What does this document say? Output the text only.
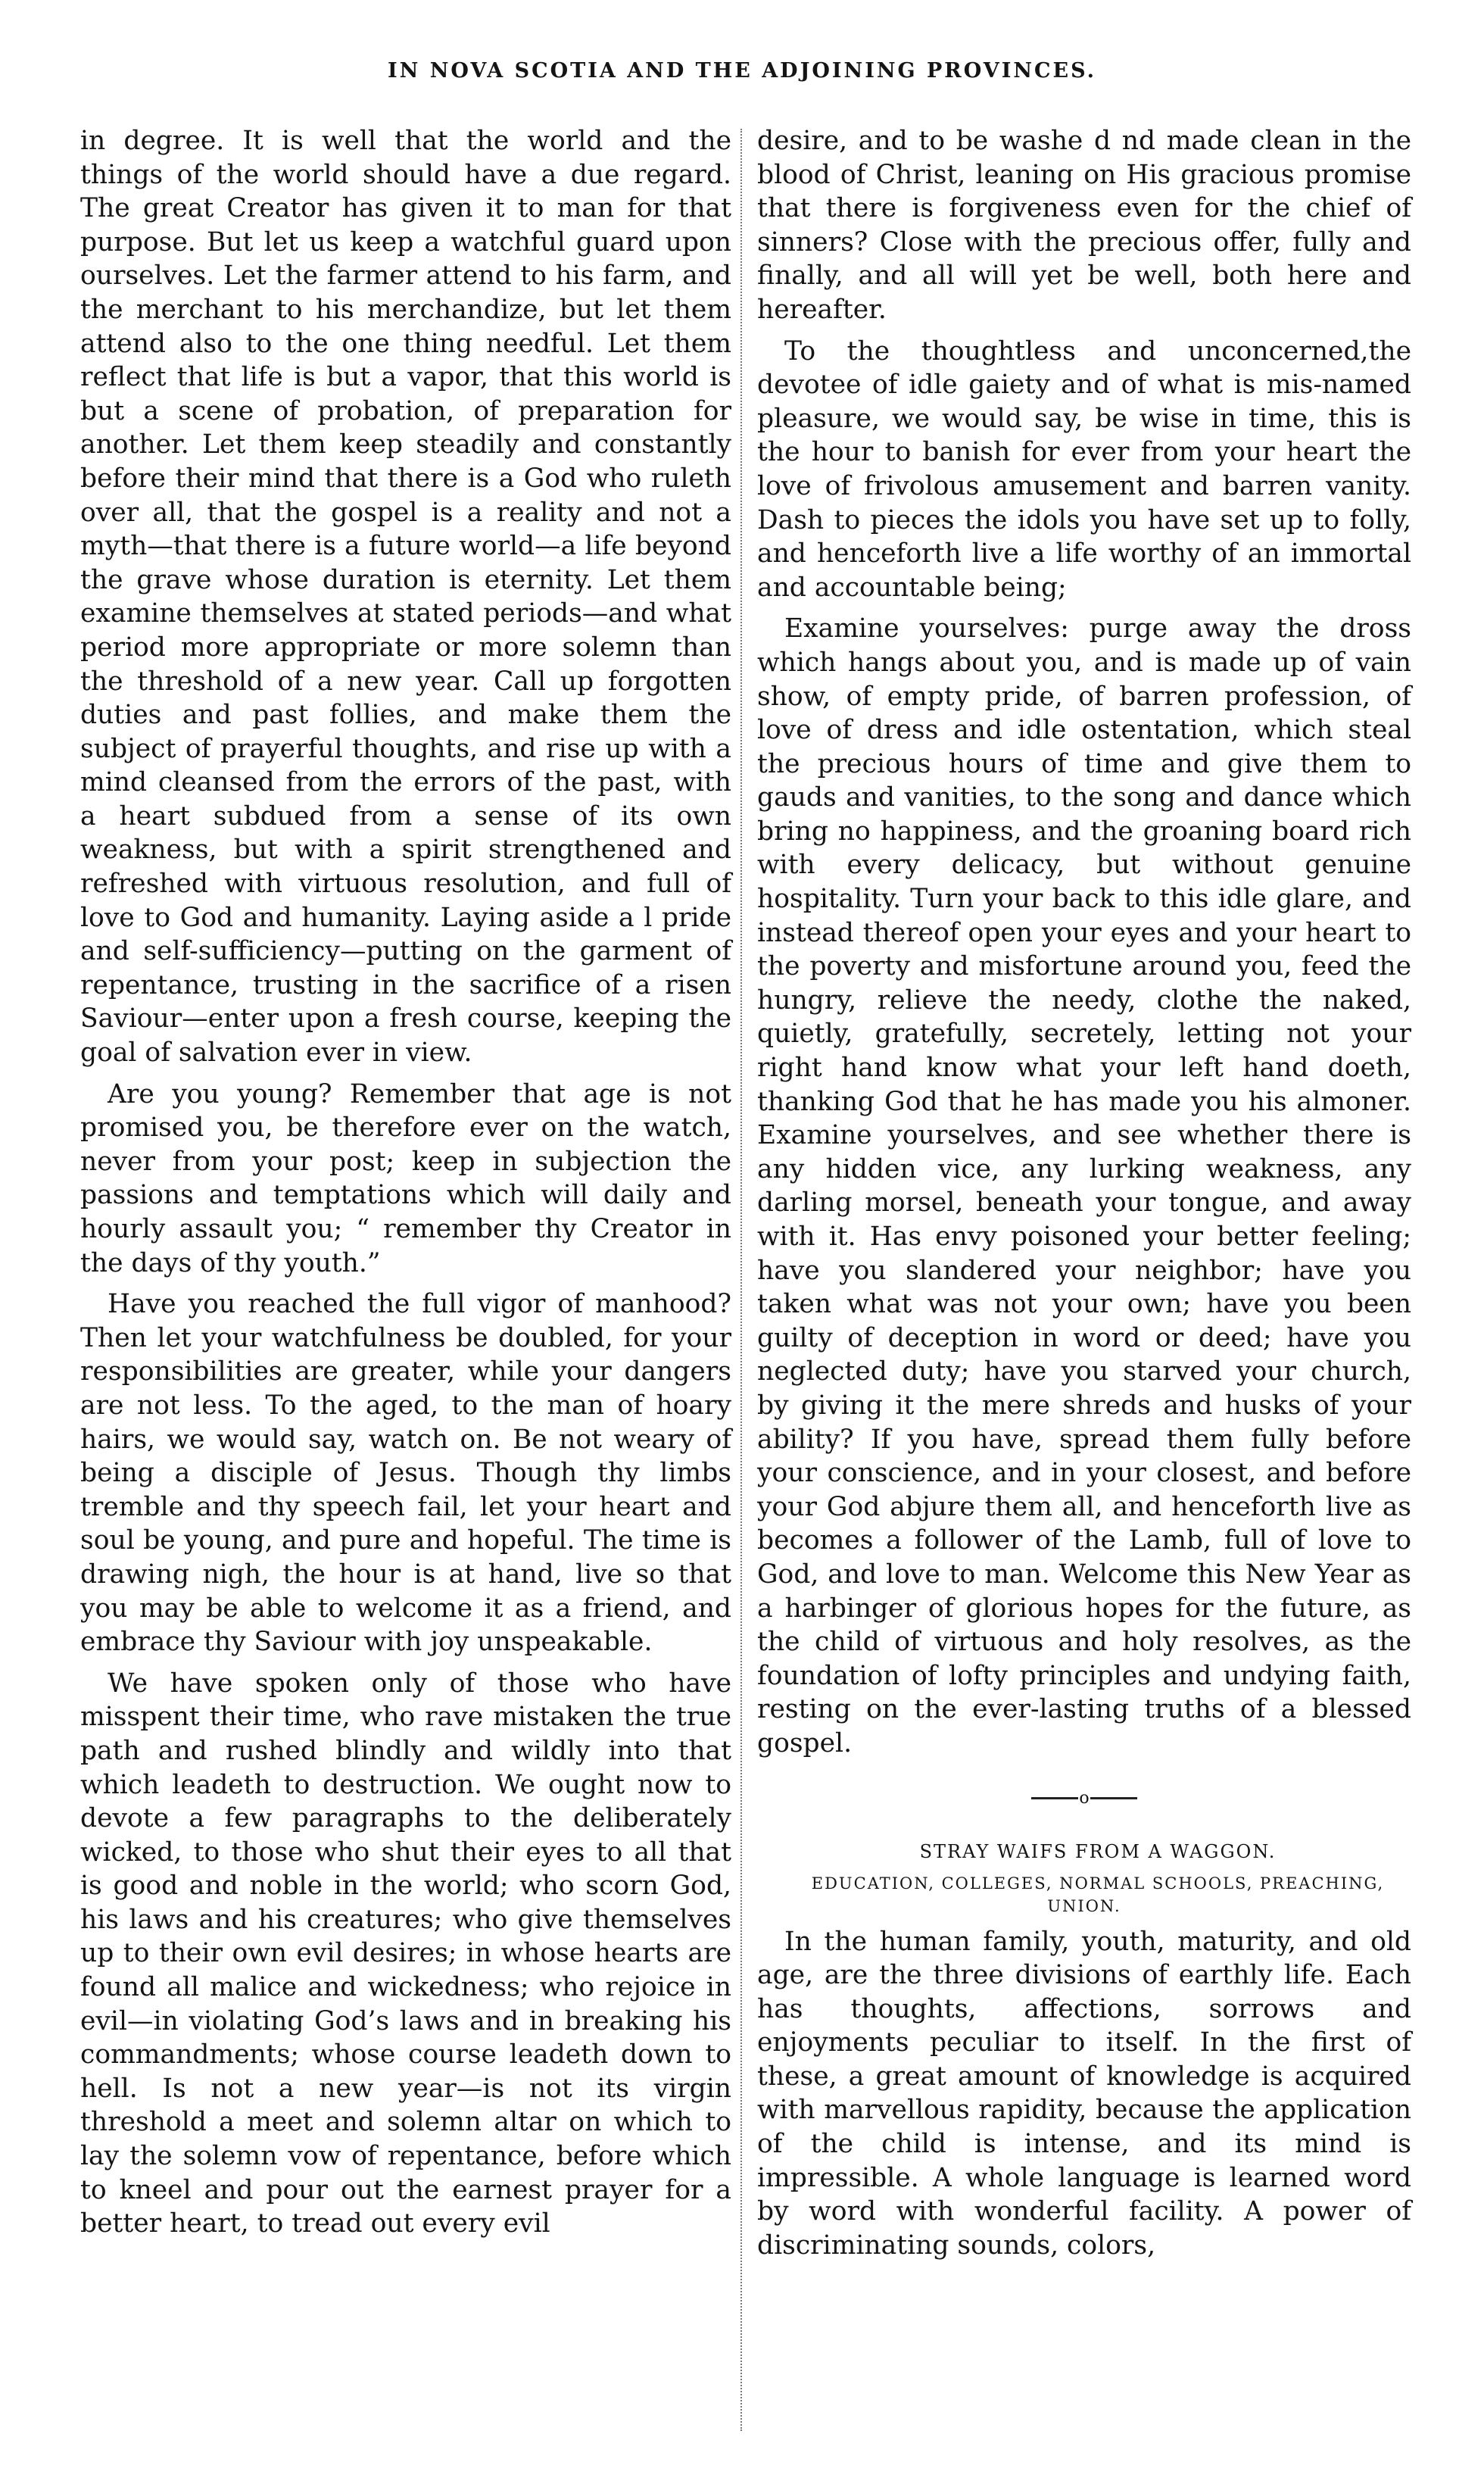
IN NOVA SCOTIA AND THE ADJOINING PROVINCES.

in degree. It is well that the world and the things of the world should have a due regard. The great Creator has given it to man for that purpose. But let us keep a watchful guard upon ourselves. Let the farmer attend to his farm, and the merchant to his merchandize, but let them attend also to the one thing needful. Let them reflect that life is but a vapor, that this world is but a scene of probation, of preparation for another. Let them keep steadily and constantly before their mind that there is a God who ruleth over all, that the gospel is a reality and not a myth—that there is a future world—a life beyond the grave whose duration is eternity. Let them examine themselves at stated periods—and what period more appropriate or more solemn than the threshold of a new year. Call up forgotten duties and past follies, and make them the subject of prayerful thoughts, and rise up with a mind cleansed from the errors of the past, with a heart subdued from a sense of its own weakness, but with a spirit strengthened and refreshed with virtuous resolution, and full of love to God and humanity. Laying aside a l pride and self-sufficiency—putting on the garment of repentance, trusting in the sacrifice of a risen Saviour—enter upon a fresh course, keeping the goal of salvation ever in view.

Are you young? Remember that age is not promised you, be therefore ever on the watch, never from your post; keep in subjection the passions and temptations which will daily and hourly assault you; “ remember thy Creator in the days of thy youth.”

Have you reached the full vigor of manhood? Then let your watchfulness be doubled, for your responsibilities are greater, while your dangers are not less. To the aged, to the man of hoary hairs, we would say, watch on. Be not weary of being a disciple of Jesus. Though thy limbs tremble and thy speech fail, let your heart and soul be young, and pure and hopeful. The time is drawing nigh, the hour is at hand, live so that you may be able to welcome it as a friend, and embrace thy Saviour with joy unspeakable.

We have spoken only of those who have misspent their time, who rave mistaken the true path and rushed blindly and wildly into that which leadeth to destruction. We ought now to devote a few paragraphs to the deliberately wicked, to those who shut their eyes to all that is good and noble in the world; who scorn God, his laws and his creatures; who give themselves up to their own evil desires; in whose hearts are found all malice and wickedness; who rejoice in evil—in violating God’s laws and in breaking his commandments; whose course leadeth down to hell. Is not a new year—is not its virgin threshold a meet and solemn altar on which to lay the solemn vow of repentance, before which to kneel and pour out the earnest prayer for a better heart, to tread out every evil

desire, and to be washe d nd made clean in the blood of Christ, leaning on His gracious promise that there is forgiveness even for the chief of sinners? Close with the precious offer, fully and finally, and all will yet be well, both here and hereafter.

To the thoughtless and unconcerned,the devotee of idle gaiety and of what is mis-named pleasure, we would say, be wise in time, this is the hour to banish for ever from your heart the love of frivolous amusement and barren vanity. Dash to pieces the idols you have set up to folly, and henceforth live a life worthy of an immortal and accountable being;

Examine yourselves: purge away the dross which hangs about you, and is made up of vain show, of empty pride, of barren profession, of love of dress and idle ostentation, which steal the precious hours of time and give them to gauds and vanities, to the song and dance which bring no happiness, and the groaning board rich with every delicacy, but without genuine hospitality. Turn your back to this idle glare, and instead thereof open your eyes and your heart to the poverty and misfortune around you, feed the hungry, relieve the needy, clothe the naked, quietly, gratefully, secretely, letting not your right hand know what your left hand doeth, thanking God that he has made you his almoner. Examine yourselves, and see whether there is any hidden vice, any lurking weakness, any darling morsel, beneath your tongue, and away with it. Has envy poisoned your better feeling; have you slandered your neighbor; have you taken what was not your own; have you been guilty of deception in word or deed; have you neglected duty; have you starved your church, by giving it the mere shreds and husks of your ability? If you have, spread them fully before your conscience, and in your closest, and before your God abjure them all, and henceforth live as becomes a follower of the Lamb, full of love to God, and love to man. Welcome this New Year as a harbinger of glorious hopes for the future, as the child of virtuous and holy resolves, as the foundation of lofty principles and undying faith, resting on the ever-lasting truths of a blessed gospel.

o

STRAY WAIFS FROM A WAGGON.

EDUCATION, COLLEGES, NORMAL SCHOOLS, PREACHING, UNION.

In the human family, youth, maturity, and old age, are the three divisions of earthly life. Each has thoughts, affections, sorrows and enjoyments peculiar to itself. In the first of these, a great amount of knowledge is acquired with marvellous rapidity, because the application of the child is intense, and its mind is impressible. A whole language is learned word by word with wonderful facility. A power of discriminating sounds, colors,
